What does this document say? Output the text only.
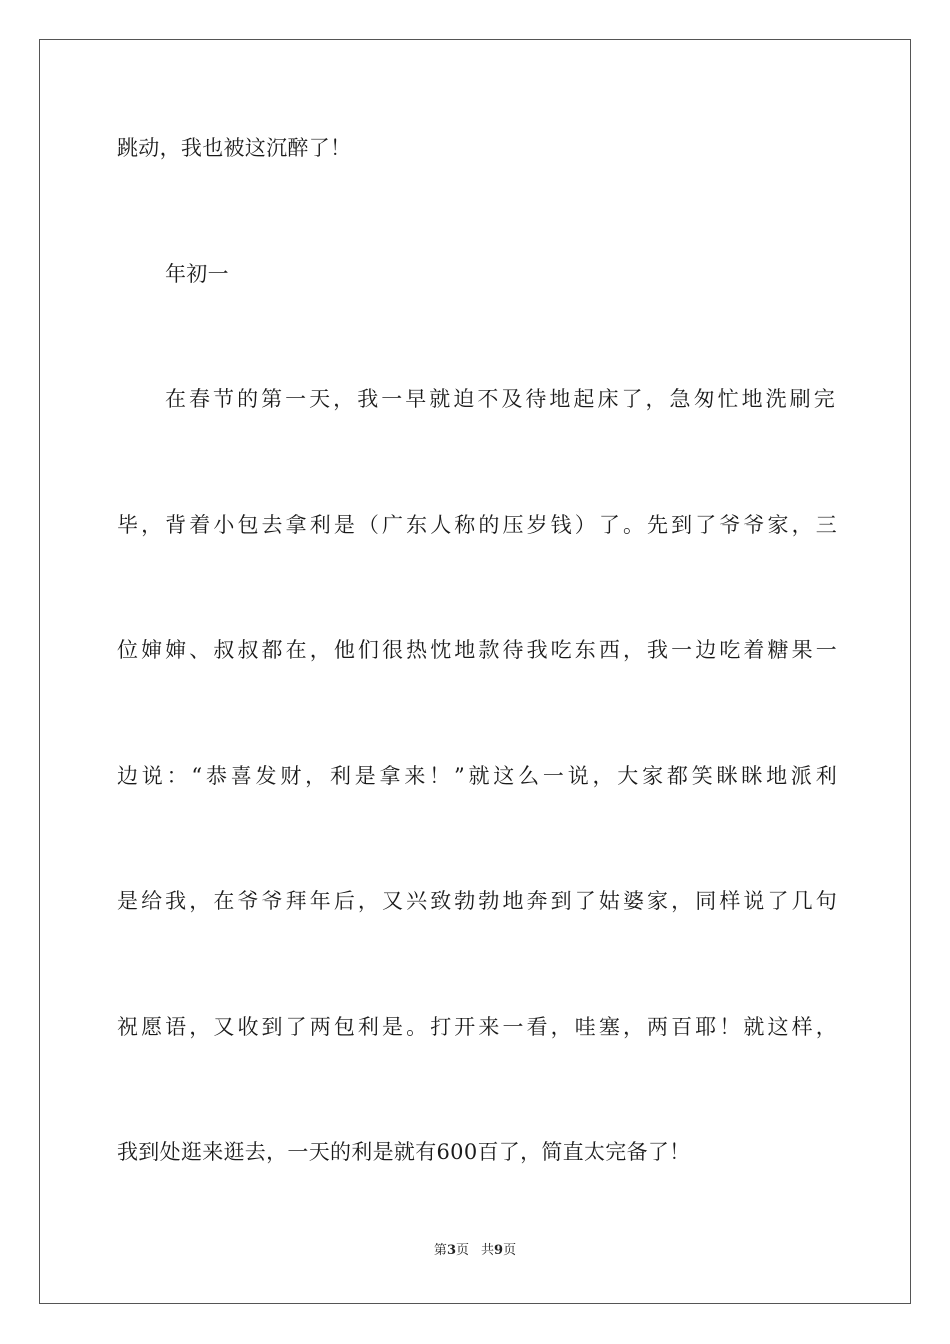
跳动，我也被这沉醉了！
年初一
在春节的第一天，我一早就迫不及待地起床了，急匆忙地洗刷完
毕，背着小包去拿利是（广东人称的压岁钱）了。先到了爷爷家，三
位婶婶、叔叔都在，他们很热忱地款待我吃东西，我一边吃着糖果一
边说：“恭喜发财，利是拿来！”就这么一说，大家都笑眯眯地派利
是给我，在爷爷拜年后，又兴致勃勃地奔到了姑婆家，同样说了几句
祝愿语，又收到了两包利是。打开来一看，哇塞，两百耶！就这样，
我到处逛来逛去，一天的利是就有600百了，简直太完备了！
第3页 共9页
